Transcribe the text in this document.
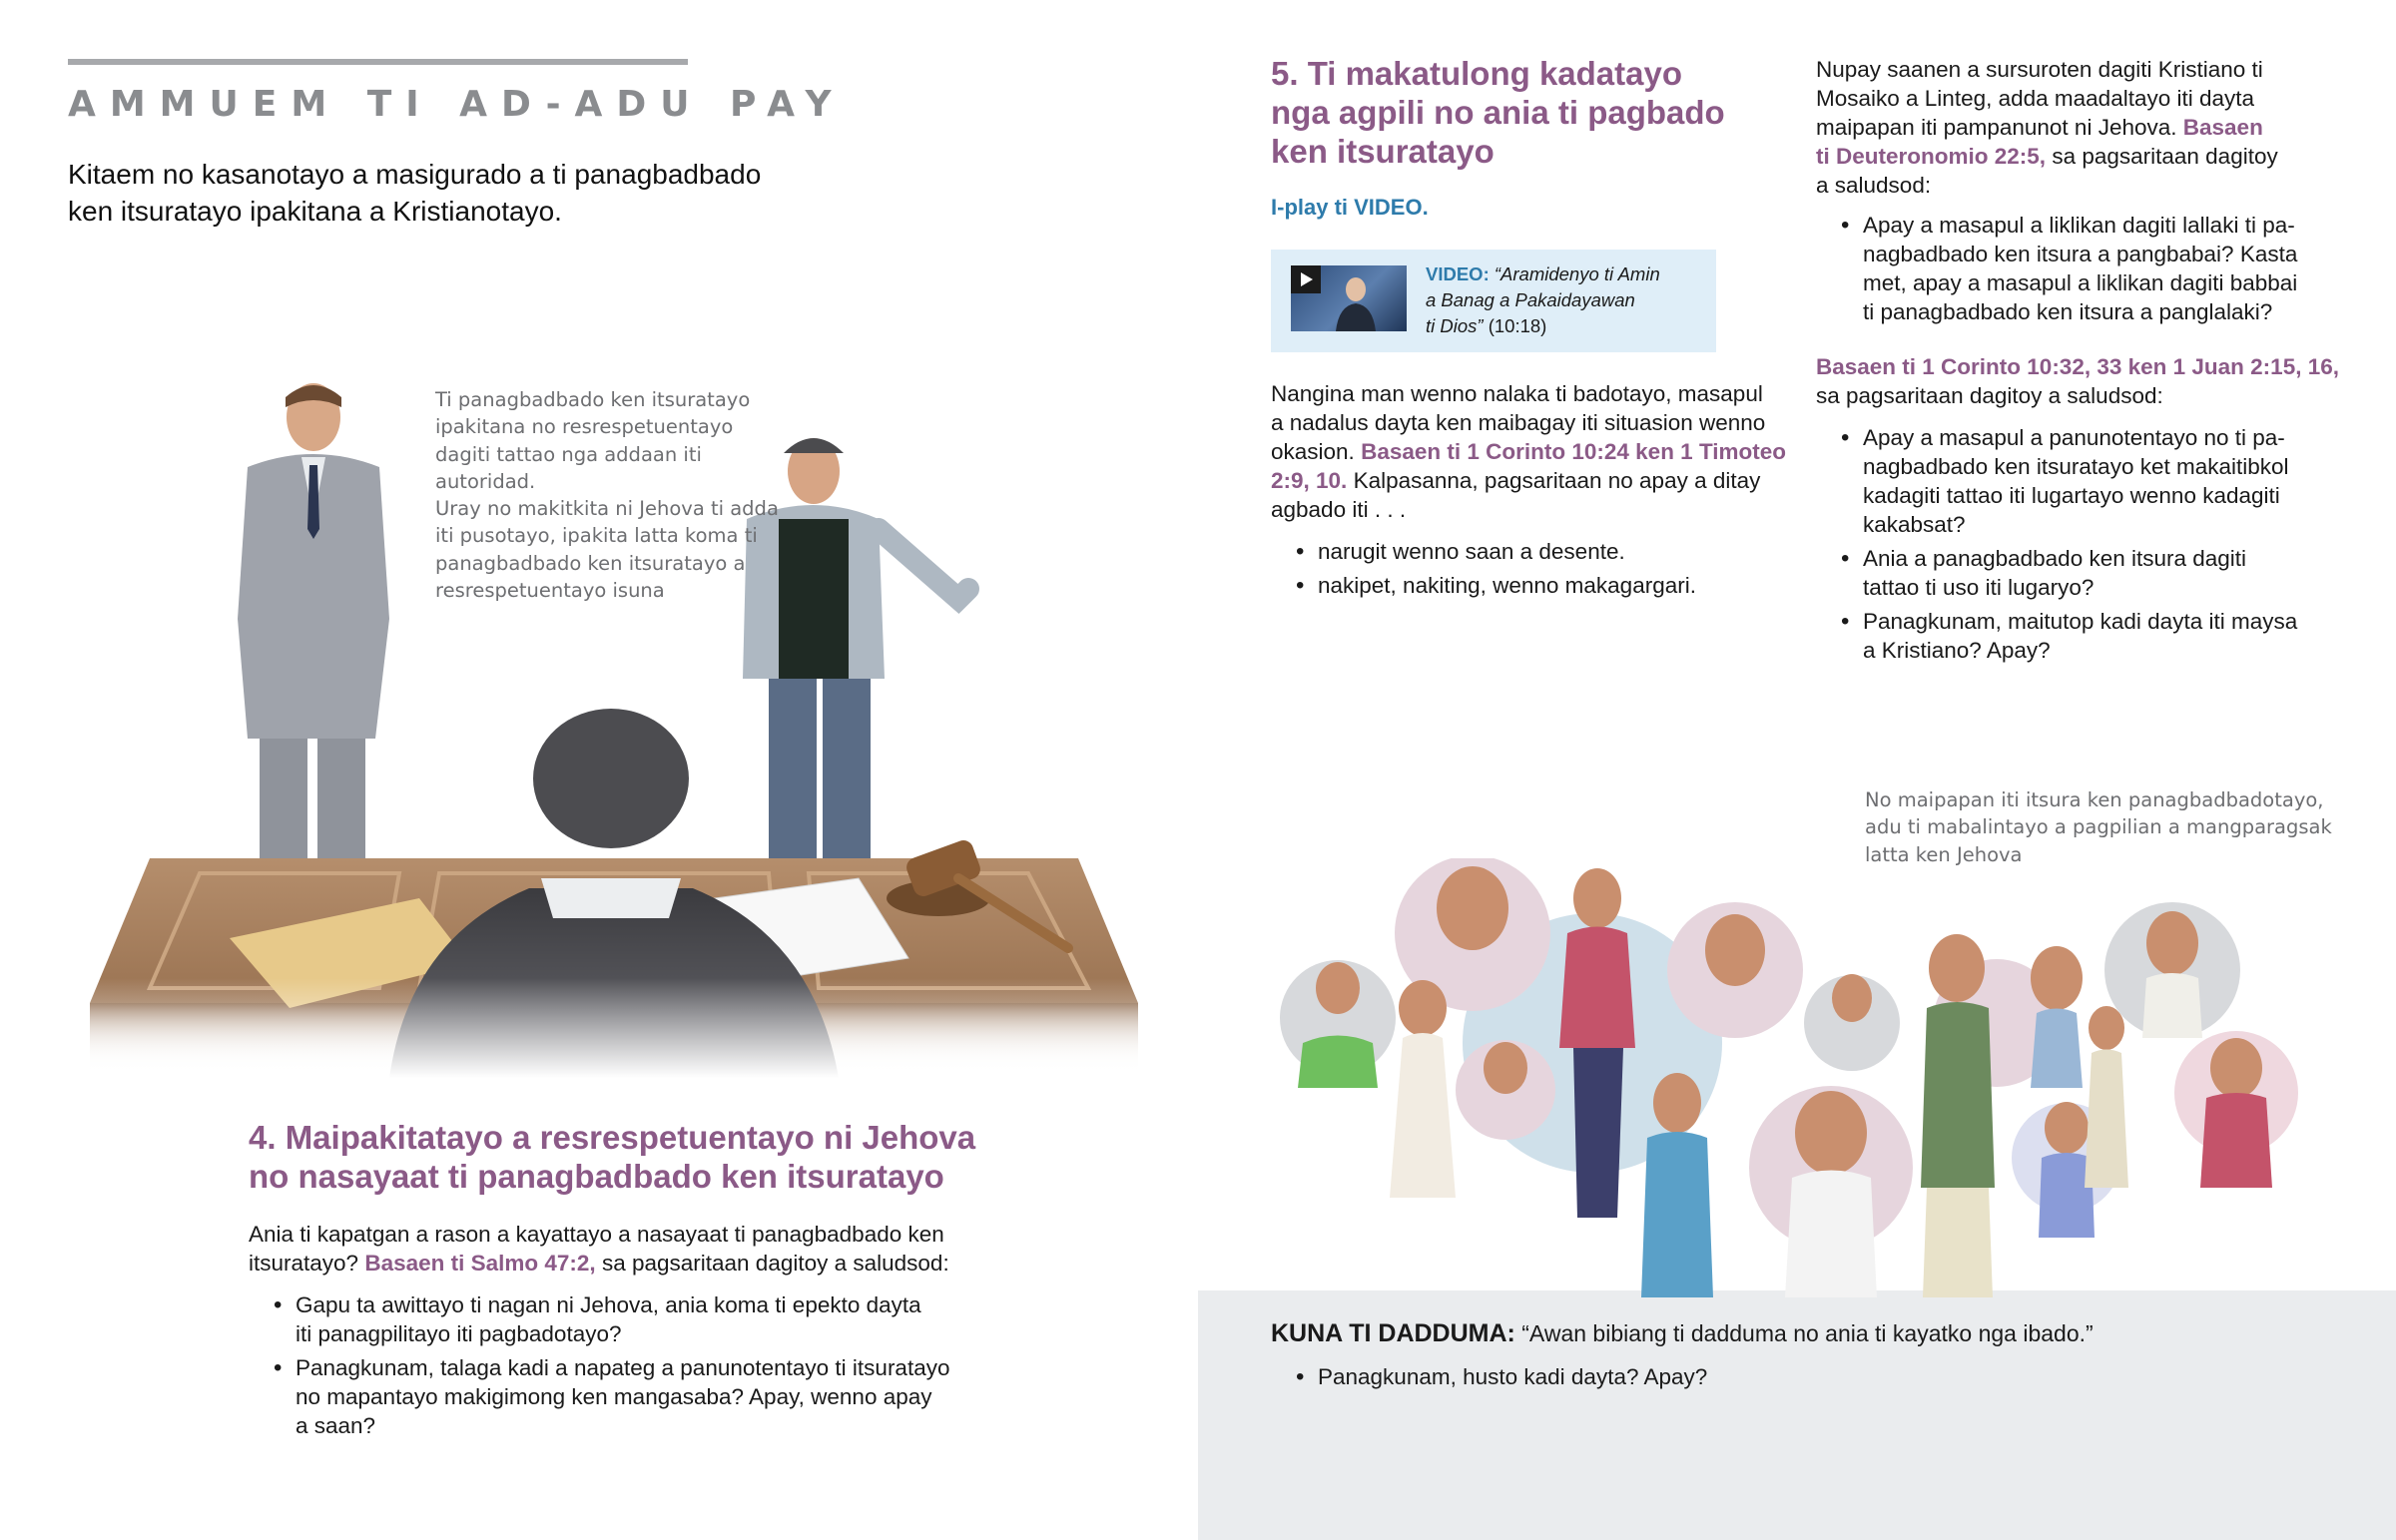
AMMUEM TI AD-ADU PAY
Kitaem no kasanotayo a masigurado a ti panagbadbado ken itsuratayo ipakitana a Kristianotayo.
Ti panagbadbado ken itsuratayo
ipakitana no resrespetuentayo
dagiti tattao nga addaan iti autoridad.
Uray no makitkita ni Jehova ti adda
iti pusotayo, ipakita latta koma ti
panagbadbado ken itsuratayo a
resrespetuentayo isuna
4. Maipakitatayo a resrespetuentayo ni Jehova
no nasayaat ti panagbadbado ken itsuratayo
Ania ti kapatgan a rason a kayattayo a nasayaat ti panagbadbado ken
itsuratayo? Basaen ti Salmo 47:2, sa pagsaritaan dagitoy a saludsod:
• Gapu ta awittayo ti nagan ni Jehova, ania koma ti epekto dayta
iti panagpilitayo iti pagbadotayo?
• Panagkunam, talaga kadi a napateg a panunotentayo ti itsuratayo
no mapantayo makigimong ken mangasaba? Apay, wenno apay
a saan?
5. Ti makatulong kadatayo
nga agpili no ania ti pagbado
ken itsuratayo
I-play ti VIDEO.
VIDEO: “Aramidenyo ti Amin
a Banag a Pakaidayawan
ti Dios” (10:18)
Nangina man wenno nalaka ti badotayo, masapul
a nadalus dayta ken maibagay iti situasion wenno
okasion. Basaen ti 1 Corinto 10:24 ken 1 Timoteo
2:9, 10. Kalpasanna, pagsaritaan no apay a ditay
agbado iti . . .
• narugit wenno saan a desente.
• nakipet, nakiting, wenno makagargari.
Nupay saanen a sursuroten dagiti Kristiano ti
Mosaiko a Linteg, adda maadaltayo iti dayta
maipapan iti pampanunot ni Jehova. Basaen
ti Deuteronomio 22:5, sa pagsaritaan dagitoy
a saludsod:
• Apay a masapul a liklikan dagiti lallaki ti pa-
nagbadbado ken itsura a pangbabai? Kasta
met, apay a masapul a liklikan dagiti babbai
ti panagbadbado ken itsura a panglalaki?
Basaen ti 1 Corinto 10:32, 33 ken 1 Juan 2:15, 16,
sa pagsaritaan dagitoy a saludsod:
• Apay a masapul a panunotentayo no ti pa-
nagbadbado ken itsuratayo ket makaitibkol
kadagiti tattao iti lugartayo wenno kadagiti
kakabsat?
• Ania a panagbadbado ken itsura dagiti
tattao ti uso iti lugaryo?
• Panagkunam, maitutop kadi dayta iti maysa
a Kristiano? Apay?
No maipapan iti itsura ken panagbadbadotayo,
adu ti mabalintayo a pagpilian a mangparagsak
latta ken Jehova
KUNA TI DADDUMA: “Awan bibiang ti dadduma no ania ti kayatko nga ibado.”
• Panagkunam, husto kadi dayta? Apay?
